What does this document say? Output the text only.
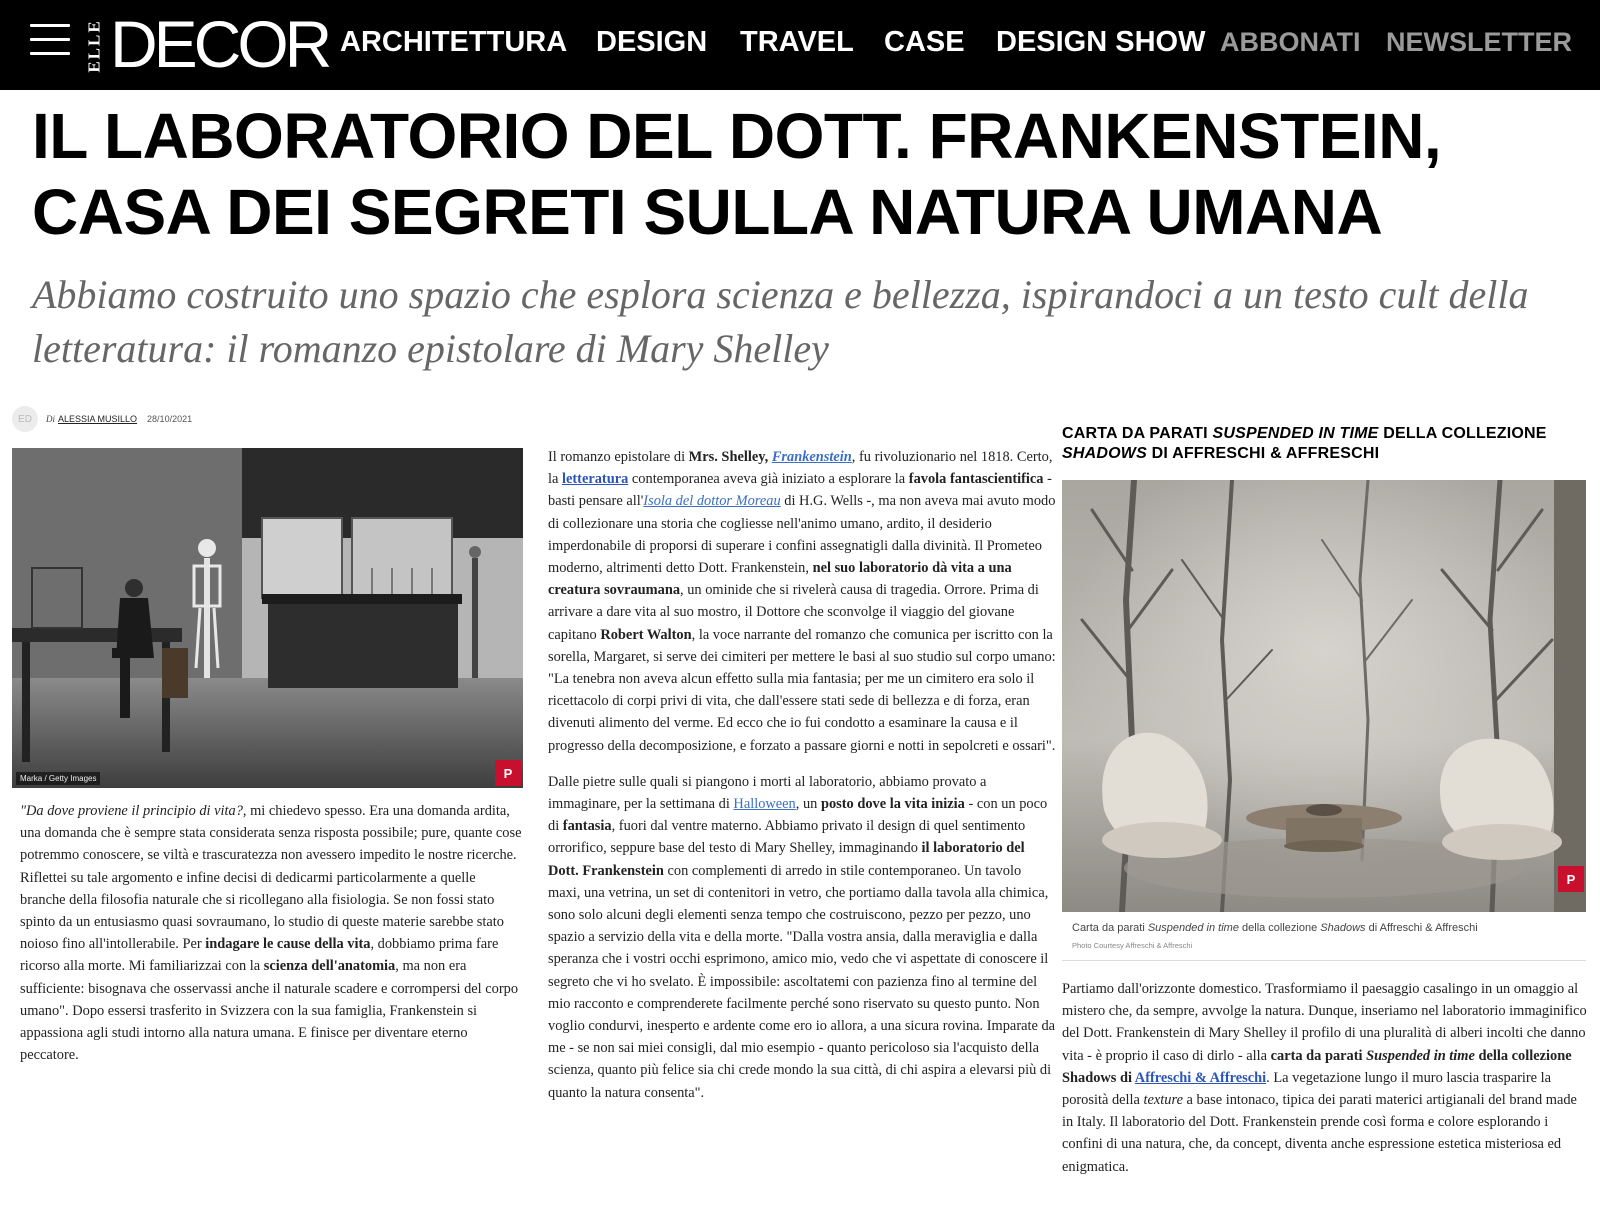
ELLE DECOR ARCHITETTURA DESIGN TRAVEL CASE DESIGN SHOW ABBONATI NEWSLETTER
IL LABORATORIO DEL DOTT. FRANKENSTEIN, CASA DEI SEGRETI SULLA NATURA UMANA

Abbiamo costruito uno spazio che esplora scienza e bellezza, ispirandoci a un testo cult della letteratura: il romanzo epistolare di Mary Shelley

ED	Di ALESSIA MUSILLO 28/10/2021
Marka / Getty Images	P

"Da dove proviene il principio di vita?, mi chiedevo spesso. Era una domanda ardita, una domanda che è sempre stata considerata senza risposta possibile; pure, quante cose potremmo conoscere, se viltà e trascuratezza non avessero impedito le nostre ricerche. Riflettei su tale argomento e infine decisi di dedicarmi particolarmente a quelle branche della filosofia naturale che si ricollegano alla fisiologia. Se non fossi stato spinto da un entusiasmo quasi sovraumano, lo studio di queste materie sarebbe stato noioso fino all'intollerabile. Per indagare le cause della vita, dobbiamo prima fare ricorso alla morte. Mi familiarizzai con la scienza dell'anatomia, ma non era sufficiente: bisognava che osservassi anche il naturale scadere e corrompersi del corpo umano". Dopo essersi trasferito in Svizzera con la sua famiglia, Frankenstein si appassiona agli studi intorno alla natura umana. E finisce per diventare eterno peccatore.

Il romanzo epistolare di Mrs. Shelley, Frankenstein, fu rivoluzionario nel 1818. Certo, la letteratura contemporanea aveva già iniziato a esplorare la favola fantascientifica - basti pensare all'Isola del dottor Moreau di H.G. Wells -, ma non aveva mai avuto modo di collezionare una storia che cogliesse nell'animo umano, ardito, il desiderio imperdonabile di proporsi di superare i confini assegnatigli dalla divinità. Il Prometeo moderno, altrimenti detto Dott. Frankenstein, nel suo laboratorio dà vita a una creatura sovraumana, un ominide che si rivelerà causa di tragedia. Orrore. Prima di arrivare a dare vita al suo mostro, il Dottore che sconvolge il viaggio del giovane capitano Robert Walton, la voce narrante del romanzo che comunica per iscritto con la sorella, Margaret, si serve dei cimiteri per mettere le basi al suo studio sul corpo umano: "La tenebra non aveva alcun effetto sulla mia fantasia; per me un cimitero era solo il ricettacolo di corpi privi di vita, che dall'essere stati sede di bellezza e di forza, eran divenuti alimento del verme. Ed ecco che io fui condotto a esaminare la causa e il progresso della decomposizione, e forzato a passare giorni e notti in sepolcreti e ossari".

Dalle pietre sulle quali si piangono i morti al laboratorio, abbiamo provato a immaginare, per la settimana di Halloween, un posto dove la vita inizia - con un poco di fantasia, fuori dal ventre materno. Abbiamo privato il design di quel sentimento orrorifico, seppure base del testo di Mary Shelley, immaginando il laboratorio del Dott. Frankenstein con complementi di arredo in stile contemporaneo. Un tavolo maxi, una vetrina, un set di contenitori in vetro, che portiamo dalla tavola alla chimica, sono solo alcuni degli elementi senza tempo che costruiscono, pezzo per pezzo, uno spazio a servizio della vita e della morte. "Dalla vostra ansia, dalla meraviglia e dalla speranza che i vostri occhi esprimono, amico mio, vedo che vi aspettate di conoscere il segreto che vi ho svelato. È impossibile: ascoltatemi con pazienza fino al termine del mio racconto e comprenderete facilmente perché sono riservato su questo punto. Non voglio condurvi, inesperto e ardente come ero io allora, a una sicura rovina. Imparate da me - se non sai miei consigli, dal mio esempio - quanto pericoloso sia l'acquisto della scienza, quanto più felice sia chi crede mondo la sua città, di chi aspira a elevarsi più di quanto la natura consenta".

CARTA DA PARATI SUSPENDED IN TIME DELLA COLLEZIONE SHADOWS DI AFFRESCHI & AFFRESCHI
P
Carta da parati Suspended in time della collezione Shadows di Affreschi & Affreschi
Photo Courtesy Affreschi & Affreschi

Partiamo dall'orizzonte domestico. Trasformiamo il paesaggio casalingo in un omaggio al mistero che, da sempre, avvolge la natura. Dunque, inseriamo nel laboratorio immaginifico del Dott. Frankenstein di Mary Shelley il profilo di una pluralità di alberi incolti che danno vita - è proprio il caso di dirlo - alla carta da parati Suspended in time della collezione Shadows di Affreschi & Affreschi. La vegetazione lungo il muro lascia trasparire la porosità della texture a base intonaco, tipica dei parati materici artigianali del brand made in Italy. Il laboratorio del Dott. Frankenstein prende così forma e colore esplorando i confini di una natura, che, da concept, diventa anche espressione estetica misteriosa ed enigmatica.
